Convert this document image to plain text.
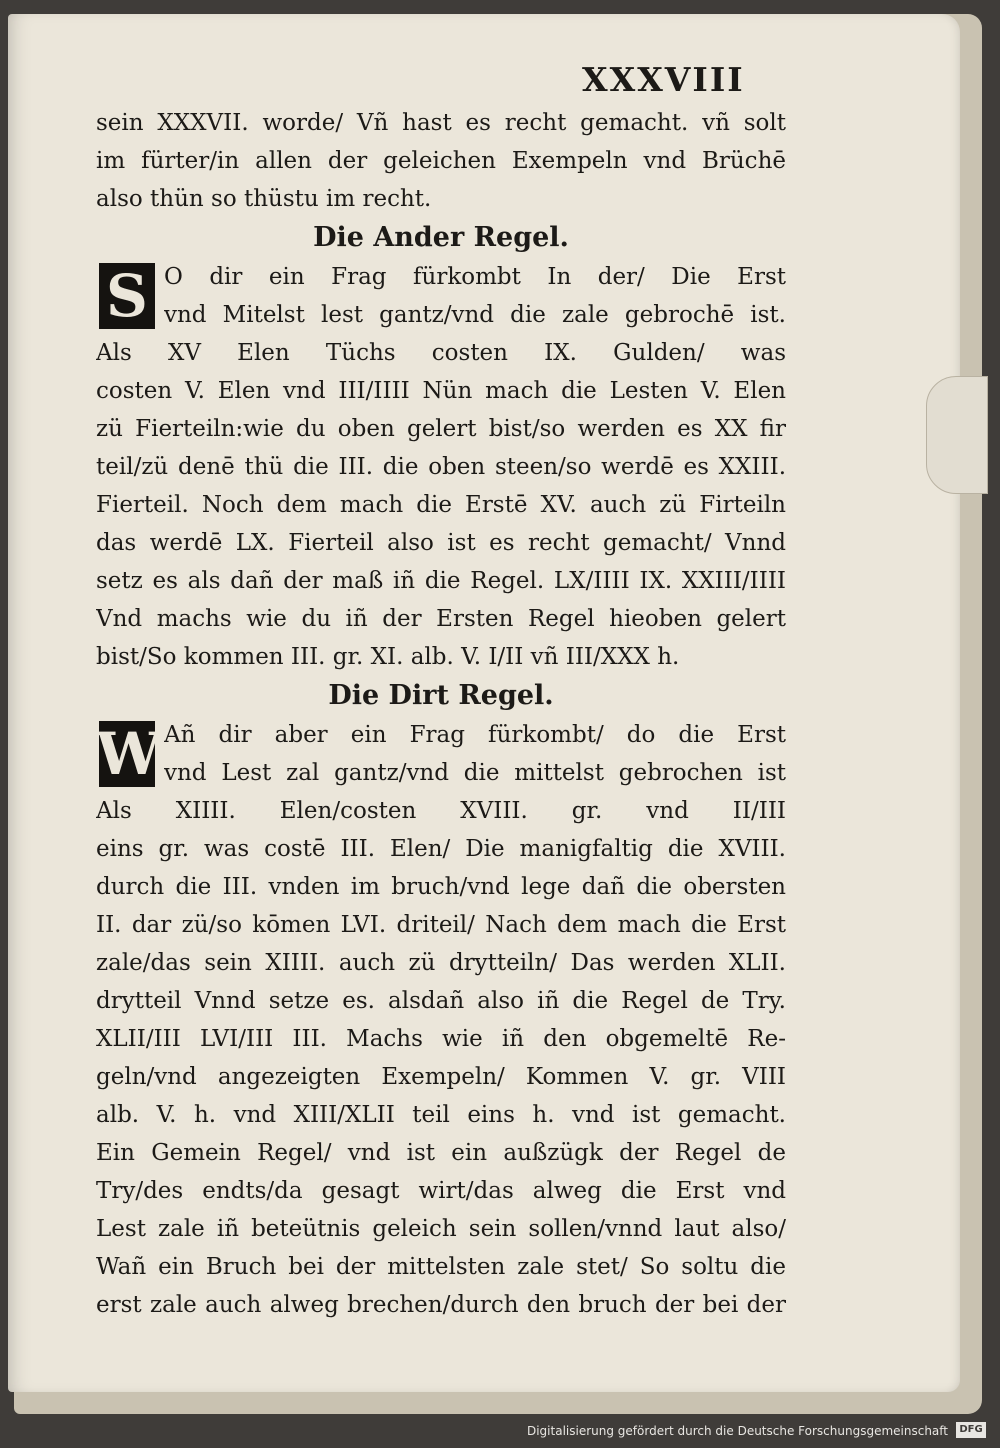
XXXVIII
sein XXXVII. worde/ Vñ hast es recht gemacht. vñ solt
im fürter/in allen der geleichen Exempeln vnd Brüchē
also thün so thüstu im recht.
Die Ander Regel.
S O dir ein Frag fürkombt In der/ Die Erst
vnd Mitelst lest gantz/vnd die zale gebrochē ist.
Als XV Elen Tüchs costen IX. Gulden/ was
costen V. Elen vnd III/IIII Nün mach die Lesten V. Elen
zü Fierteiln:wie du oben gelert bist/so werden es XX fir
teil/zü denē thü die III. die oben steen/so werdē es XXIII.
Fierteil. Noch dem mach die Erstē XV. auch zü Firteiln
das werdē LX. Fierteil also ist es recht gemacht/ Vnnd
setz es als dañ der maß iñ die Regel. LX/IIII IX. XXIII/IIII
Vnd machs wie du iñ der Ersten Regel hieoben gelert
bist/So kommen III. gr. XI. alb. V. I/II vñ III/XXX h.
Die Dirt Regel.
W Añ dir aber ein Frag fürkombt/ do die Erst
vnd Lest zal gantz/vnd die mittelst gebrochen ist
Als XIIII. Elen/costen XVIII. gr. vnd II/III
eins gr. was costē III. Elen/ Die manigfaltig die XVIII.
durch die III. vnden im bruch/vnd lege dañ die obersten
II. dar zü/so kōmen LVI. driteil/ Nach dem mach die Erst
zale/das sein XIIII. auch zü drytteiln/ Das werden XLII.
drytteil Vnnd setze es. alsdañ also iñ die Regel de Try.
XLII/III LVI/III III. Machs wie iñ den obgemeltē Re-
geln/vnd angezeigten Exempeln/ Kommen V. gr. VIII
alb. V. h. vnd XIII/XLII teil eins h. vnd ist gemacht.
Ein Gemein Regel/ vnd ist ein außzügk der Regel de
Try/des endts/da gesagt wirt/das alweg die Erst vnd
Lest zale iñ beteütnis geleich sein sollen/vnnd laut also/
Wañ ein Bruch bei der mittelsten zale stet/ So soltu die
erst zale auch alweg brechen/durch den bruch der bei der
Digitalisierung gefördert durch die Deutsche Forschungsgemeinschaft	DFG
